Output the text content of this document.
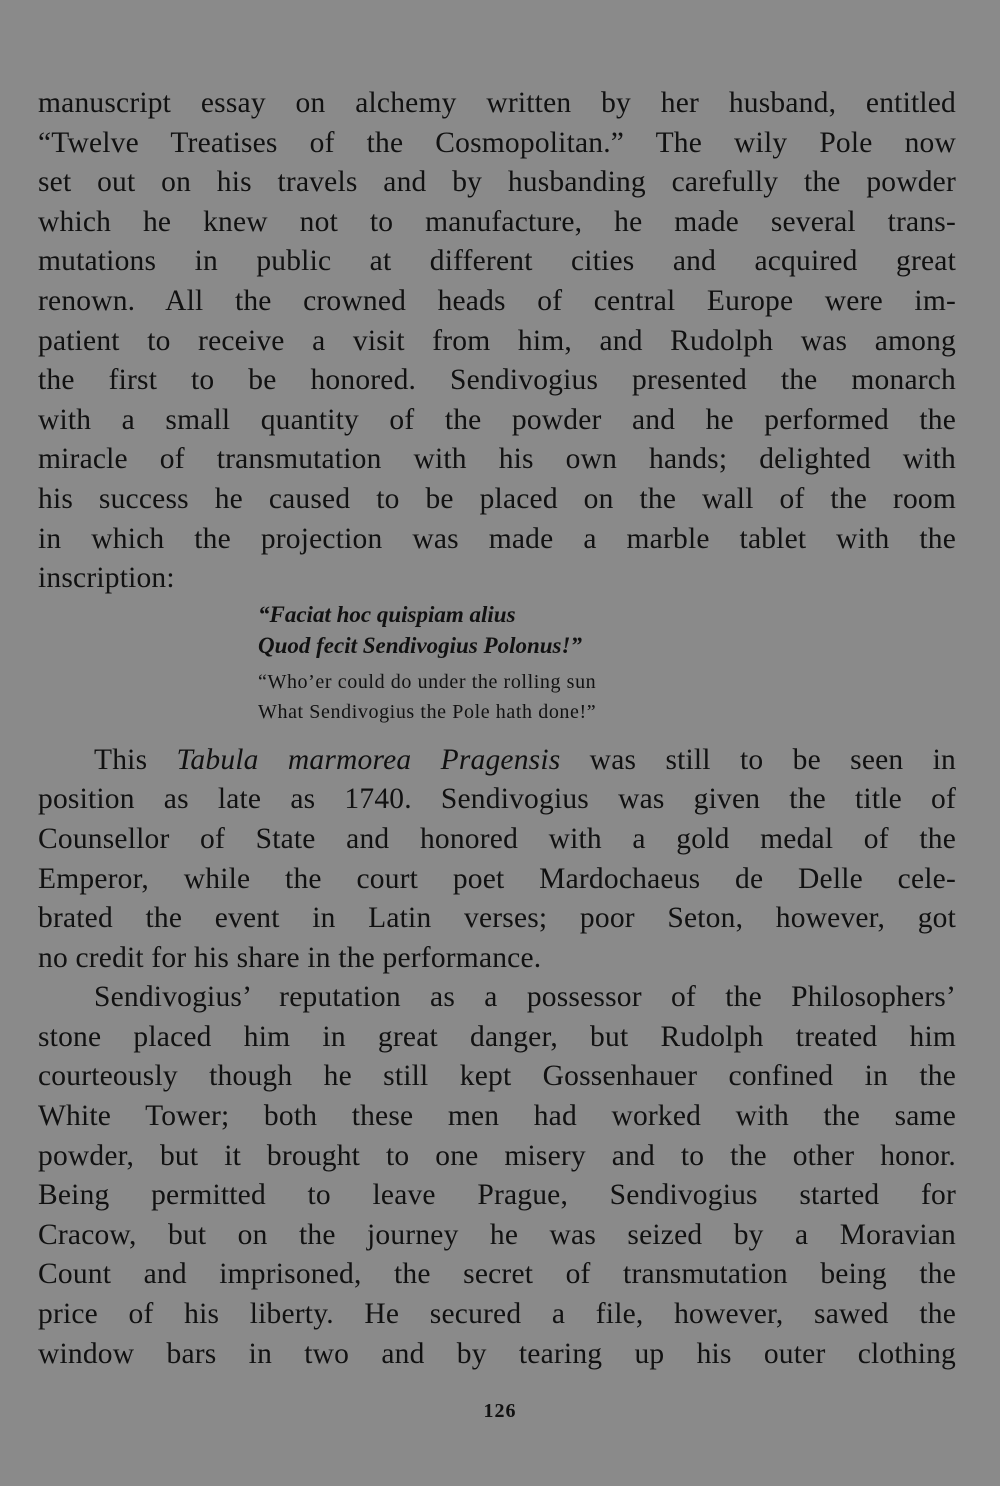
manuscript essay on alchemy written by her husband, entitled
“Twelve Treatises of the Cosmopolitan.” The wily Pole now
set out on his travels and by husbanding carefully the powder
which he knew not to manufacture, he made several trans-
mutations in public at different cities and acquired great
renown. All the crowned heads of central Europe were im-
patient to receive a visit from him, and Rudolph was among
the first to be honored. Sendivogius presented the monarch
with a small quantity of the powder and he performed the
miracle of transmutation with his own hands; delighted with
his success he caused to be placed on the wall of the room
in which the projection was made a marble tablet with the
inscription:
“Faciat hoc quispiam alius
Quod fecit Sendivogius Polonus!”
“Who’er could do under the rolling sun
What Sendivogius the Pole hath done!”
This Tabula marmorea Pragensis was still to be seen in
position as late as 1740. Sendivogius was given the title of
Counsellor of State and honored with a gold medal of the
Emperor, while the court poet Mardochaeus de Delle cele-
brated the event in Latin verses; poor Seton, however, got
no credit for his share in the performance.
Sendivogius’ reputation as a possessor of the Philosophers’
stone placed him in great danger, but Rudolph treated him
courteously though he still kept Gossenhauer confined in the
White Tower; both these men had worked with the same
powder, but it brought to one misery and to the other honor.
Being permitted to leave Prague, Sendivogius started for
Cracow, but on the journey he was seized by a Moravian
Count and imprisoned, the secret of transmutation being the
price of his liberty. He secured a file, however, sawed the
window bars in two and by tearing up his outer clothing
126
